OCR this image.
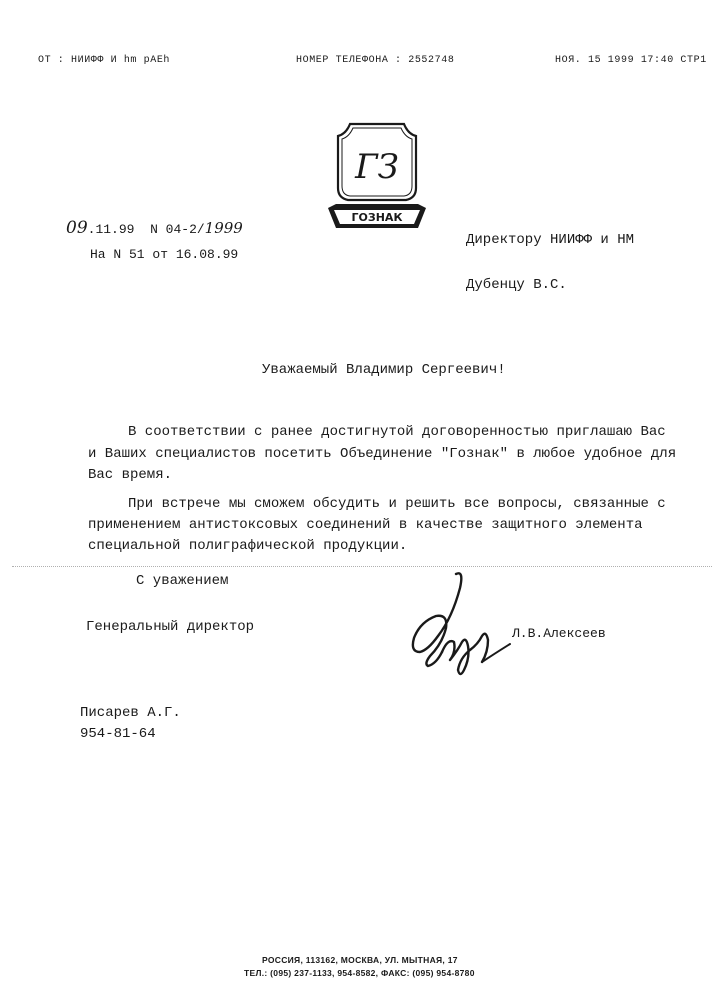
ОТ : НИИФФ И hm pAEh	НОМЕР ТЕЛЕФОНА : 2552748	НОЯ. 15 1999 17:40 СТР1
ГЗ
ГОЗНАК
09.11.99 N 04-2/1999
На N 51 от 16.08.99
Директору НИИФФ и НМ
Дубенцу В.С.
Уважаемый Владимир Сергеевич!
В соответствии с ранее достигнутой договоренностью приглашаю Вас
и Ваших специалистов посетить Объединение "Гознак" в любое удобное для
Вас время.
При встрече мы сможем обсудить и решить все вопросы, связанные с
применением антистоксовых соединений в качестве защитного элемента
специальной полиграфической продукции.
С уважением
Генеральный директор	Л.В.Алексеев
Писарев А.Г.
954-81-64
РОССИЯ, 113162, МОСКВА, УЛ. МЫТНАЯ, 17
ТЕЛ.: (095) 237-1133, 954-8582, ФАКС: (095) 954-8780
